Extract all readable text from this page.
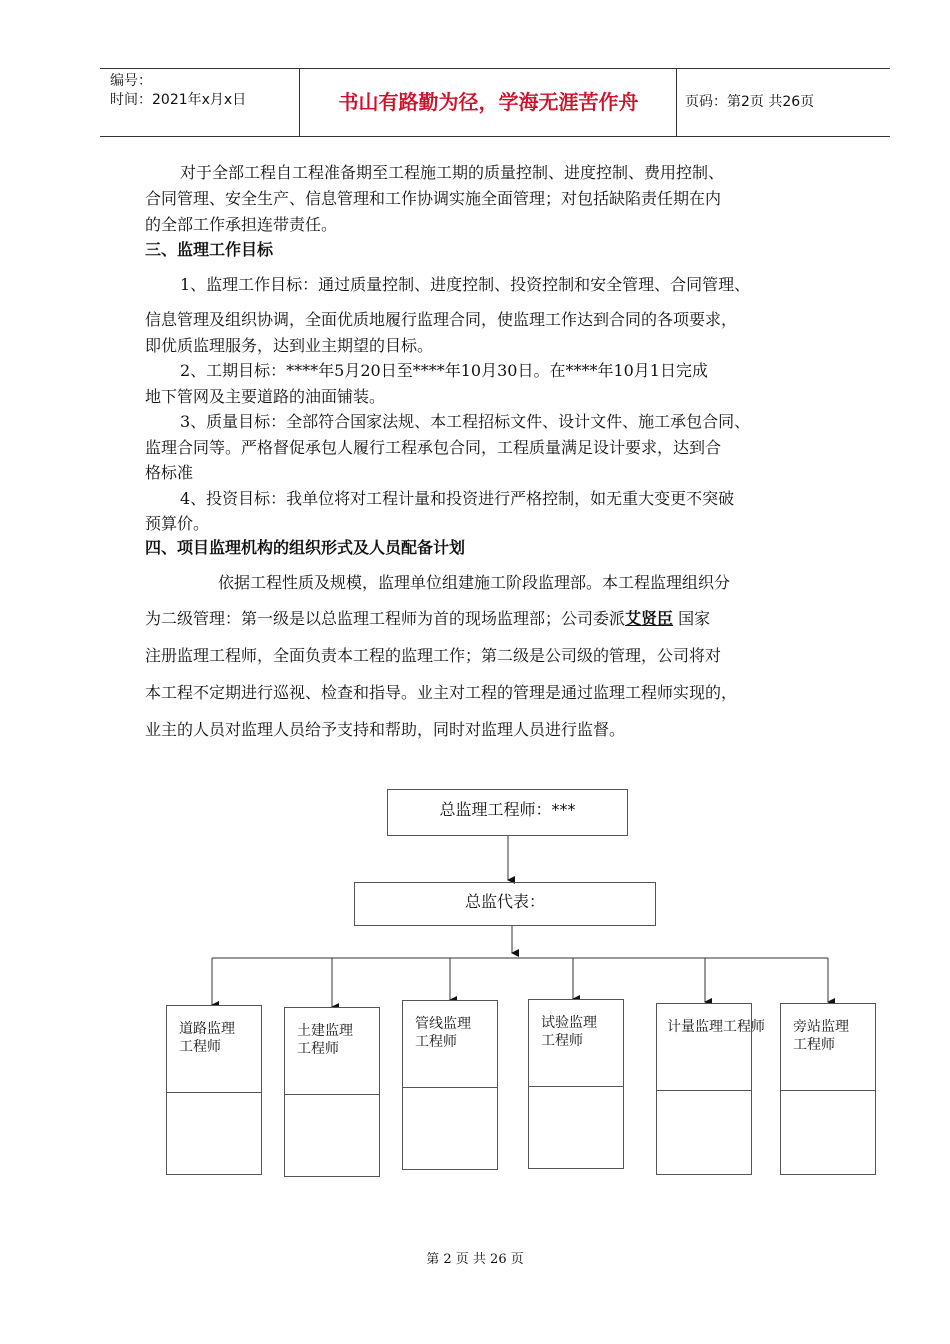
编号：
时间：2021年x月x日	书山有路勤为径，学海无涯苦作舟	页码：第2页 共26页
对于全部工程自工程准备期至工程施工期的质量控制、进度控制、费用控制、
合同管理、安全生产、信息管理和工作协调实施全面管理；对包括缺陷责任期在内
的全部工作承担连带责任。
三、监理工作目标
1、监理工作目标：通过质量控制、进度控制、投资控制和安全管理、合同管理、
信息管理及组织协调，全面优质地履行监理合同，使监理工作达到合同的各项要求，
即优质监理服务，达到业主期望的目标。
2、工期目标：****年5月20日至****年10月30日。在****年10月1日完成
地下管网及主要道路的油面铺装。
3、质量目标：全部符合国家法规、本工程招标文件、设计文件、施工承包合同、
监理合同等。严格督促承包人履行工程承包合同，工程质量满足设计要求，达到合
格标准
4、投资目标：我单位将对工程计量和投资进行严格控制，如无重大变更不突破
预算价。
四、项目监理机构的组织形式及人员配备计划
依据工程性质及规模，监理单位组建施工阶段监理部。本工程监理组织分
为二级管理：第一级是以总监理工程师为首的现场监理部；公司委派艾贤臣 国家
注册监理工程师，全面负责本工程的监理工作；第二级是公司级的管理，公司将对
本工程不定期进行巡视、检查和指导。业主对工程的管理是通过监理工程师实现的，
业主的人员对监理人员给予支持和帮助，同时对监理人员进行监督。
总监理工程师：***
总监代表：
道路监理
工程师
土建监理
工程师
管线监理
工程师
试验监理
工程师
计量监理工程师 旁站监理
工程师
第 2 页 共 26 页
